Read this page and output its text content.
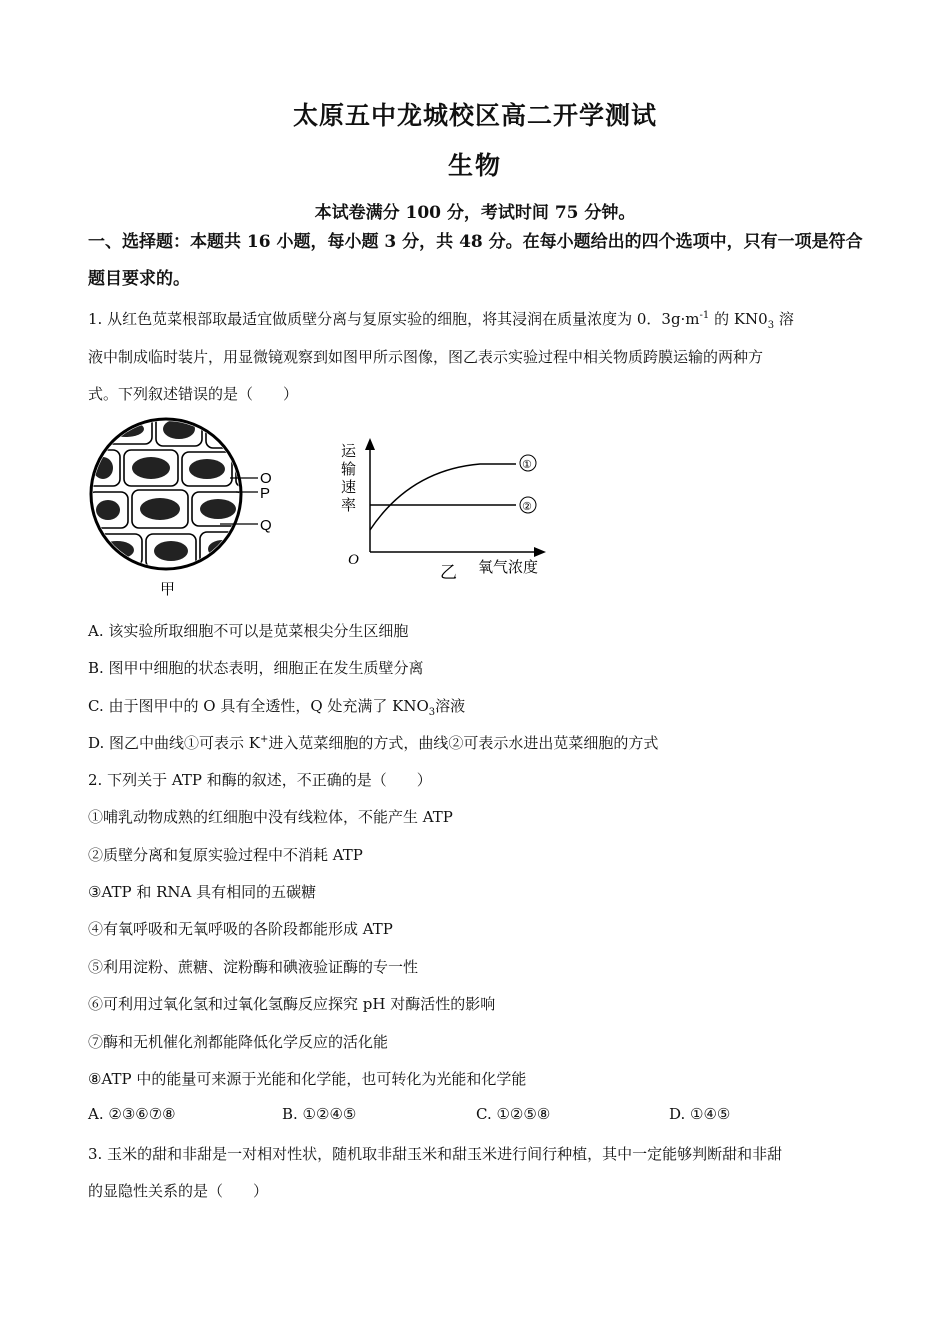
太原五中龙城校区高二开学测试
生物
本试卷满分 100 分，考试时间 75 分钟。
一、选择题：本题共 16 小题，每小题 3 分，共 48 分。在每小题给出的四个选项中，只有一项是符合题目要求的。
1. 从红色苋菜根部取最适宜做质壁分离与复原实验的细胞，将其浸润在质量浓度为 0．$3g\cdot m^{-1}$ 的 $KN0_3$ 溶
液中制成临时装片，用显微镜观察到如图甲所示图像，图乙表示实验过程中相关物质跨膜运输的两种方
式。下列叙述错误的是（　　）
O
P
Q
甲
①
②
运
输
速
率
O
乙 氧气浓度
A. 该实验所取细胞不可以是苋菜根尖分生区细胞
B. 图甲中细胞的状态表明，细胞正在发生质壁分离
C. 由于图甲中的 O 具有全透性，Q 处充满了 $KNO_3$溶液
D. 图乙中曲线①可表示 K+进入苋菜细胞的方式，曲线②可表示水进出苋菜细胞的方式
2. 下列关于 ATP 和酶的叙述，不正确的是（　　）
①哺乳动物成熟的红细胞中没有线粒体，不能产生 ATP
②质壁分离和复原实验过程中不消耗 ATP
③ATP 和 RNA 具有相同的五碳糖
④有氧呼吸和无氧呼吸的各阶段都能形成 ATP
⑤利用淀粉、蔗糖、淀粉酶和碘液验证酶的专一性
⑥可利用过氧化氢和过氧化氢酶反应探究 pH 对酶活性的影响
⑦酶和无机催化剂都能降低化学反应的活化能
⑧ATP 中的能量可来源于光能和化学能，也可转化为光能和化学能
A. ②③⑥⑦⑧	B. ①②④⑤	C. ①②⑤⑧	D. ①④⑤
3. 玉米的甜和非甜是一对相对性状，随机取非甜玉米和甜玉米进行间行种植，其中一定能够判断甜和非甜
的显隐性关系的是（　　）
